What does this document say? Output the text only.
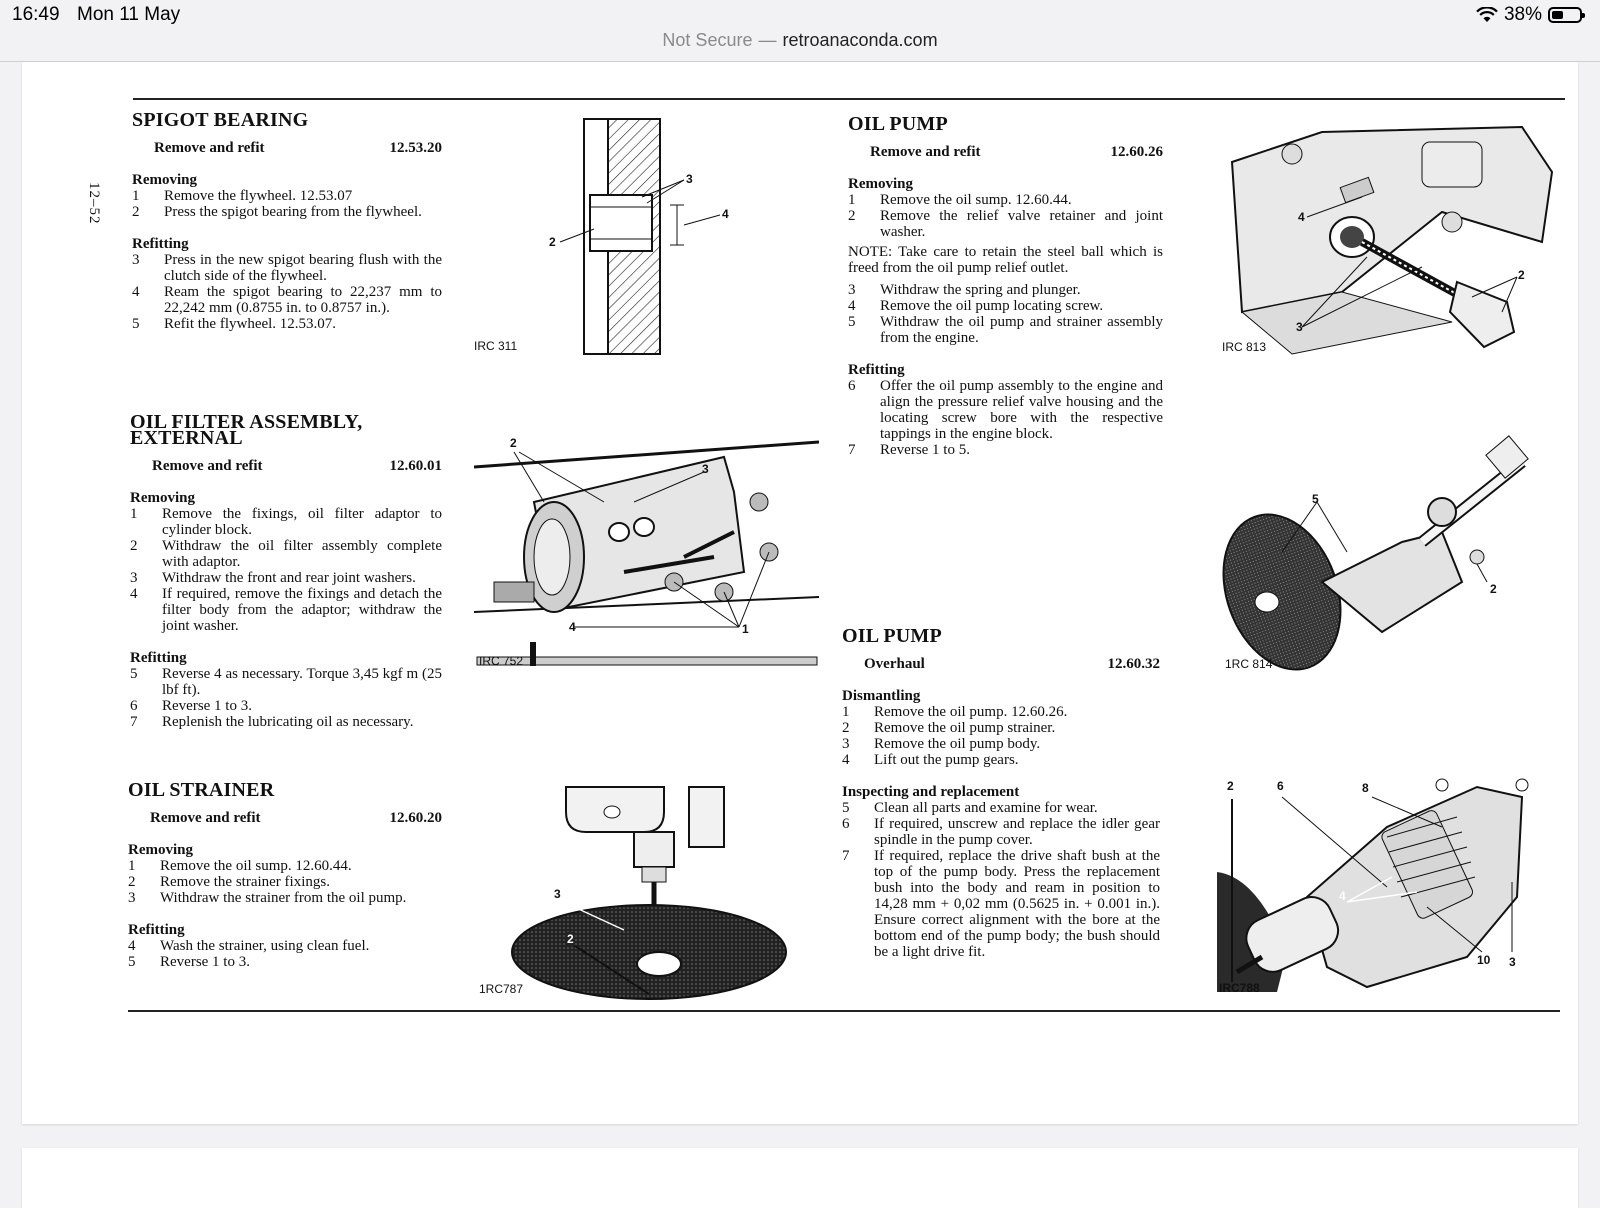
16:49 Mon 11 May	38%
Not Secure — retroanaconda.com
12–52
SPIGOT BEARING
Remove and refit	12.53.20
Removing
1	Remove the flywheel. 12.53.07
2	Press the spigot bearing from the flywheel.
Refitting
3	Press in the new spigot bearing flush with the clutch side of the flywheel.
4	Ream the spigot bearing to 22,237 mm to 22,242 mm (0.8755 in. to 0.8757 in.).
5	Refit the flywheel. 12.53.07.
3
4
2
IRC 311
OIL FILTER ASSEMBLY, EXTERNAL
Remove and refit	12.60.01
Removing
1	Remove the fixings, oil filter adaptor to cylinder block.
2	Withdraw the oil filter assembly complete with adaptor.
3	Withdraw the front and rear joint washers.
4	If required, remove the fixings and detach the filter body from the adaptor; withdraw the joint washer.
Refitting
5	Reverse 4 as necessary. Torque 3,45 kgf m (25 lbf ft).
6	Reverse 1 to 3.
7	Replenish the lubricating oil as necessary.
2
3
4	1
IRC 752
OIL STRAINER
Remove and refit	12.60.20
Removing
1	Remove the oil sump. 12.60.44.
2	Remove the strainer fixings.
3	Withdraw the strainer from the oil pump.
Refitting
4	Wash the strainer, using clean fuel.
5	Reverse 1 to 3.
3
2
1RC787
OIL PUMP
Remove and refit	12.60.26
Removing
1	Remove the oil sump. 12.60.44.
2	Remove the relief valve retainer and joint washer.
NOTE: Take care to retain the steel ball which is freed from the oil pump relief outlet.
3	Withdraw the spring and plunger.
4	Remove the oil pump locating screw.
5	Withdraw the oil pump and strainer assembly from the engine.
Refitting
6	Offer the oil pump assembly to the engine and align the pressure relief valve housing and the locating screw bore with the respective tappings in the engine block.
7	Reverse 1 to 5.
4
2
3
IRC 813
5
2
1RC 814
OIL PUMP
Overhaul	12.60.32
Dismantling
1	Remove the oil pump. 12.60.26.
2	Remove the oil pump strainer.
3	Remove the oil pump body.
4	Lift out the pump gears.
Inspecting and replacement
5	Clean all parts and examine for wear.
6	If required, unscrew and replace the idler gear spindle in the pump cover.
7	If required, replace the drive shaft bush at the top of the pump body. Press the replacement bush into the body and ream in position to 14,28 mm + 0,02 mm (0.5625 in. + 0.001 in.). Ensure correct alignment with the bore at the bottom end of the pump body; the bush should be a light drive fit.
2	6	8
4
10 3
IRC788
